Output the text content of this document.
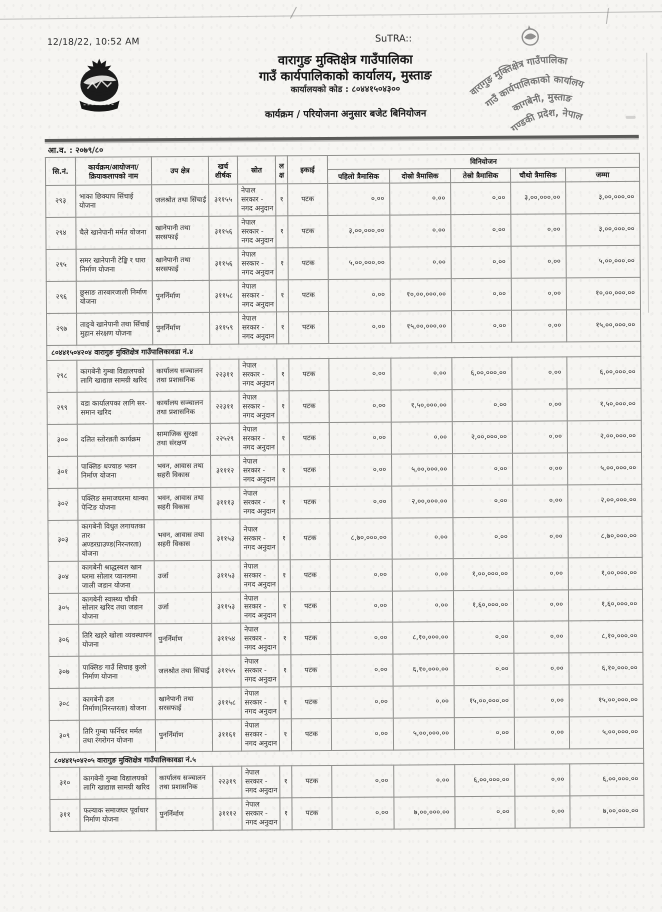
12/18/22, 10:52 AM	SuTRA::
वारागुङ मुक्तिक्षेत्र गाउँपालिका
गाउँ कार्यपालिकाको कार्यालय, मुस्ताङ
कार्यालयको कोड : ८०४४१५०४३००
कार्यक्रम / परियोजना अनुसार बजेट बिनियोजन
वारागुङ मुक्तिक्षेत्र गाउँपालिका
गाउँ कार्यपालिकाको कार्यालय
कागबेनी, मुस्ताङ
गण्डकी प्रदेश, नेपाल
आ.व. : २०७९/८०
सि.नं.	कार्यक्रम/आयोजना/ क्रियाकलापको नाम	उप क्षेत्र	खर्च शीर्षक	स्रोत	लक्ष	इकाई	विनियोजन				
							पहिलो त्रैमासिक	दोस्रो त्रैमासिक	तेस्रो त्रैमासिक	चौथो त्रैमासिक	जम्मा
२९३	भाका छिक्याप सिंचाई योजना	जलश्रोत तथा सिंचाई	३११५५	नेपाल सरकार - नगद अनुदान	१	पटक	०.००	०.००	०.००	३,००,०००.००	३,००,०००.००
२९४	चैले खानेपानी मर्मत योजना	खानेपानी तथा सरसफाई	३११५६	नेपाल सरकार - नगद अनुदान	१	पटक	३,००,०००.००	०.००	०.००	०.००	३,००,०००.००
२९५	समर खानेपानी टेङ्कि र धारा निर्माण योजना	खानेपानी तथा सरसफाई	३११५६	नेपाल सरकार - नगद अनुदान	१	पटक	५,००,०००.००	०.००	०.००	०.००	५,००,०००.००
२९६	छुसाङ तारबारजाली निर्माण योजना	पुनर्निर्माण	३११५८	नेपाल सरकार - नगद अनुदान	१	पटक	०.००	१०,००,०००.००	०.००	०.००	१०,००,०००.००
२९७	ताङ्बे खानेपानी तथा सिँचाई मुहान संरक्षण योजना	पुनर्निर्माण	३११५९	नेपाल सरकार - नगद अनुदान	१	पटक	०.००	१५,००,०००.००	०.००	०.००	१५,००,०००.००
८०४४१५०४२०४ वारागुङ मुक्तिक्षेत्र गाउँपालिकावडा नं.४											
२९८	कागबेनी गुम्बा विद्यालपको लागि खाद्यान्न सामग्री खरिद	कार्यालय सञ्चालन तथा प्रशासनिक	२२३११	नेपाल सरकार - नगद अनुदान	१	पटक	०.००	०.००	६,००,०००.००	०.००	६,००,०००.००
२९९	वडा कार्यालपका लागि सर-समान खरिद	कार्यालय सञ्चालन तथा प्रशासनिक	२२३११	नेपाल सरकार - नगद अनुदान	१	पटक	०.००	१,५०,०००.००	०.००	०.००	१,५०,०००.००
३००	दलित स्तोरन्नती कार्यक्रम	सामाजिक सुरक्षा तथा संरक्षण	२२५२९	नेपाल सरकार - नगद अनुदान	१	पटक	०.००	०.००	२,००,०००.००	०.००	२,००,०००.००
३०१	पाक्लिङ धज्याङ भवन निर्माण योजना	भवन, आवास तथा सहरी विकास	३१११२	नेपाल सरकार - नगद अनुदान	१	पटक	०.००	५,००,०००.००	०.००	०.००	५,००,०००.००
३०२	पक्लिङ समाजघरमा थान्का पेन्टिङ योजना	भवन, आवास तथा सहरी विकास	३१११३	नेपाल सरकार - नगद अनुदान	१	पटक	०.००	२,००,०००.००	०.००	०.००	२,००,०००.००
३०३	कागबेनी विधुत लगायतका तार अण्डरग्राउण्ड(निरन्तरता) योजना	भवन, आवास तथा सहरी विकास	३११५३	नेपाल सरकार - नगद अनुदान	१	पटक	८,७०,०००.००	०.००	०.००	०.००	८,७०,०००.००
३०४	कागबेनी श्राद्धस्थल खान घरमा सोलार प्यानलमा जाली जडान योजना	उर्जा	३११५३	नेपाल सरकार - नगद अनुदान	१	पटक	०.००	०.००	१,००,०००.००	०.००	१,००,०००.००
३०५	कागबेनी स्वास्थ्य चौकी सोलार खरिद तथा जडान योजना	उर्जा	३११५३	नेपाल सरकार - नगद अनुदान	१	पटक	०.००	०.००	१,६०,०००.००	०.००	१,६०,०००.००
३०६	तिरि खहरे खोला व्यवस्थापन योजना	पुनर्निर्माण	३११५४	नेपाल सरकार - नगद अनुदान	१	पटक	०.००	८,१०,०००.००	०.००	०.००	८,१०,०००.००
३०७	पाक्लिङ गाउँ सिचाइ कुलो निर्माण योजना	जलश्रोत तथा सिंचाई	३११५५	नेपाल सरकार - नगद अनुदान	१	पटक	०.००	६,१०,०००.००	०.००	०.००	६,१०,०००.००
३०८	कागबेनी ढल निर्माण(निरन्तरता) योजना	खानेपानी तथा सरसफाई	३११५८	नेपाल सरकार - नगद अनुदान	१	पटक	०.००	०.००	१५,००,०००.००	०.००	१५,००,०००.००
३०९	तिरि गुम्बा फर्निचर मर्मत तथा रंगरोगन योजना	पुनर्निर्माण	३११६१	नेपाल सरकार - नगद अनुदान	१	पटक	०.००	५,००,०००.००	०.००	०.००	५,००,०००.००
८०४४१५०४२०५ वारागुङ मुक्तिक्षेत्र गाउँपालिकावडा नं.५											
३१०	कागबेनी गुम्बा विद्यालयको लागि खाद्यान्न सामग्री खरिद	कार्यालय सञ्चालन तथा प्रशासनिक	२२३१९	नेपाल सरकार - नगद अनुदान	१	पटक	०.००	०.००	६,००,०००.००	०.००	६,००,०००.००
३११	फल्याक समाजघर पूर्वाधार निर्माण योजना	पुनर्निर्माण	३१११२	नेपाल सरकार - नगद अनुदान	१	पटक	०.००	७,००,०००.००	०.००	०.००	७,००,०००.००
